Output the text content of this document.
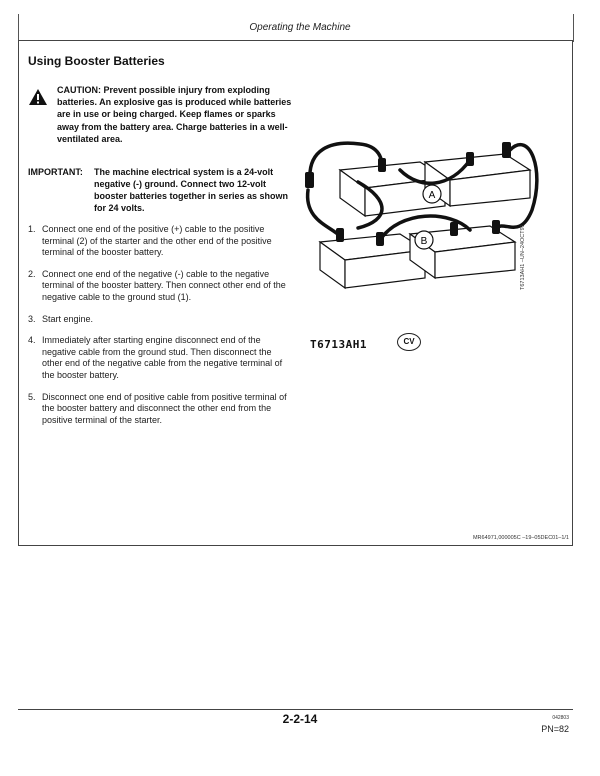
Operating the Machine
Using Booster Batteries
CAUTION: Prevent possible injury from exploding batteries. An explosive gas is produced while batteries are in use or being charged. Keep flames or sparks away from the battery area. Charge batteries in a well-ventilated area.
IMPORTANT: The machine electrical system is a 24-volt negative (-) ground. Connect two 12-volt booster batteries together in series as shown for 24 volts.
1. Connect one end of the positive (+) cable to the positive terminal (2) of the starter and the other end of the positive terminal of the booster battery.
2. Connect one end of the negative (-) cable to the negative terminal of the booster battery. Then connect other end of the negative cable to the ground stud (1).
3. Start engine.
4. Immediately after starting engine disconnect end of the negative cable from the ground stud. Then disconnect the other end of the negative cable from the negative terminal of the booster battery.
5. Disconnect one end of positive cable from positive terminal of the booster battery and disconnect the other end from the positive terminal of the starter.
A
B
T6713AH1	CV
T6713AH1 –UN–24OCT91
MR64971,000005C –19–05DEC01–1/1
2-2-14	042803
PN=82
